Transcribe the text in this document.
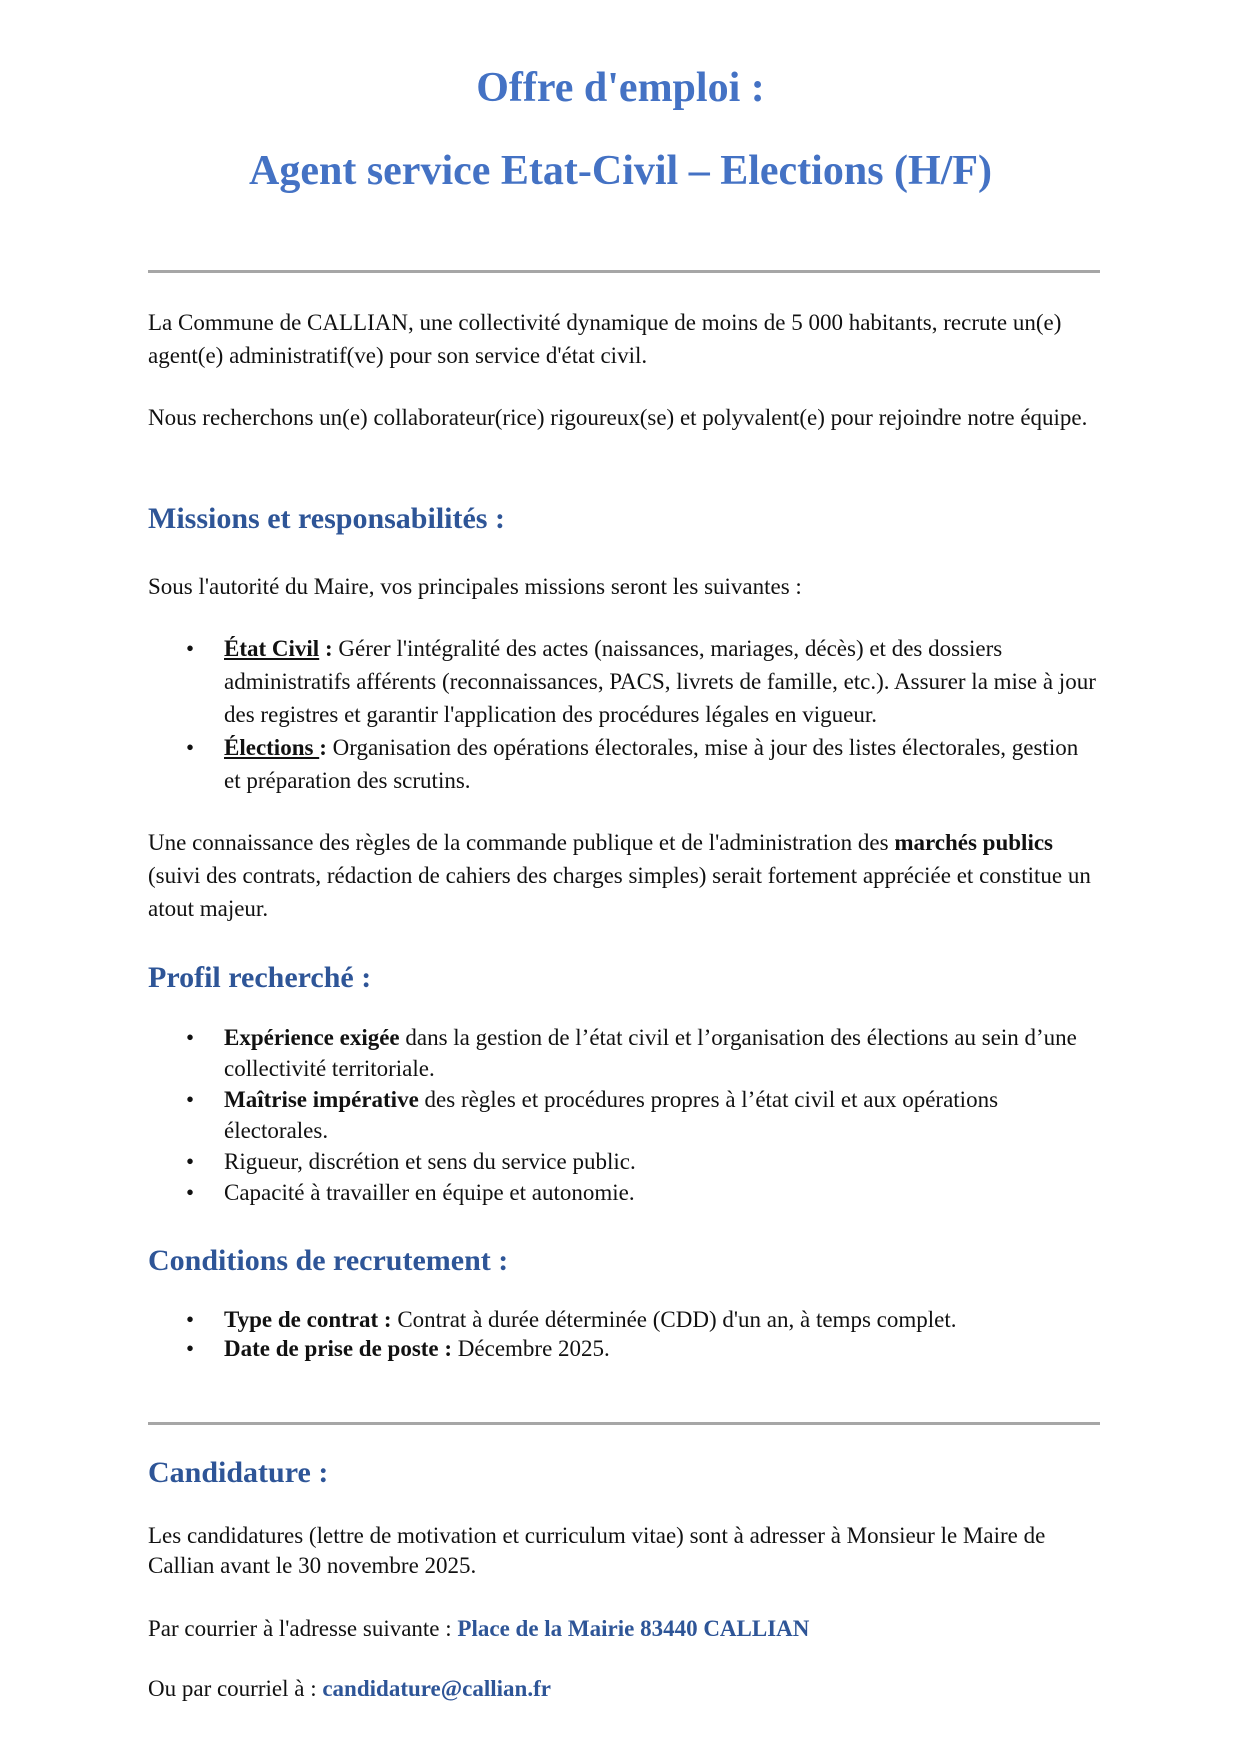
Offre d'emploi :
Agent service Etat-Civil – Elections (H/F)

La Commune de CALLIAN, une collectivité dynamique de moins de 5 000 habitants, recrute un(e) agent(e) administratif(ve) pour son service d'état civil.

Nous recherchons un(e) collaborateur(rice) rigoureux(se) et polyvalent(e) pour rejoindre notre équipe.

Missions et responsabilités :

Sous l'autorité du Maire, vos principales missions seront les suivantes :

• État Civil : Gérer l'intégralité des actes (naissances, mariages, décès) et des dossiers administratifs afférents (reconnaissances, PACS, livrets de famille, etc.). Assurer la mise à jour des registres et garantir l'application des procédures légales en vigueur.
• Élections : Organisation des opérations électorales, mise à jour des listes électorales, gestion et préparation des scrutins.

Une connaissance des règles de la commande publique et de l'administration des marchés publics (suivi des contrats, rédaction de cahiers des charges simples) serait fortement appréciée et constitue un atout majeur.

Profil recherché :
• Expérience exigée dans la gestion de l’état civil et l’organisation des élections au sein d’une collectivité territoriale.
• Maîtrise impérative des règles et procédures propres à l’état civil et aux opérations électorales.
• Rigueur, discrétion et sens du service public.
• Capacité à travailler en équipe et autonomie.
Conditions de recrutement :
• Type de contrat : Contrat à durée déterminée (CDD) d'un an, à temps complet.
• Date de prise de poste : Décembre 2025.
Candidature :

Les candidatures (lettre de motivation et curriculum vitae) sont à adresser à Monsieur le Maire de Callian avant le 30 novembre 2025.

Par courrier à l'adresse suivante : Place de la Mairie 83440 CALLIAN

Ou par courriel à : candidature@callian.fr
